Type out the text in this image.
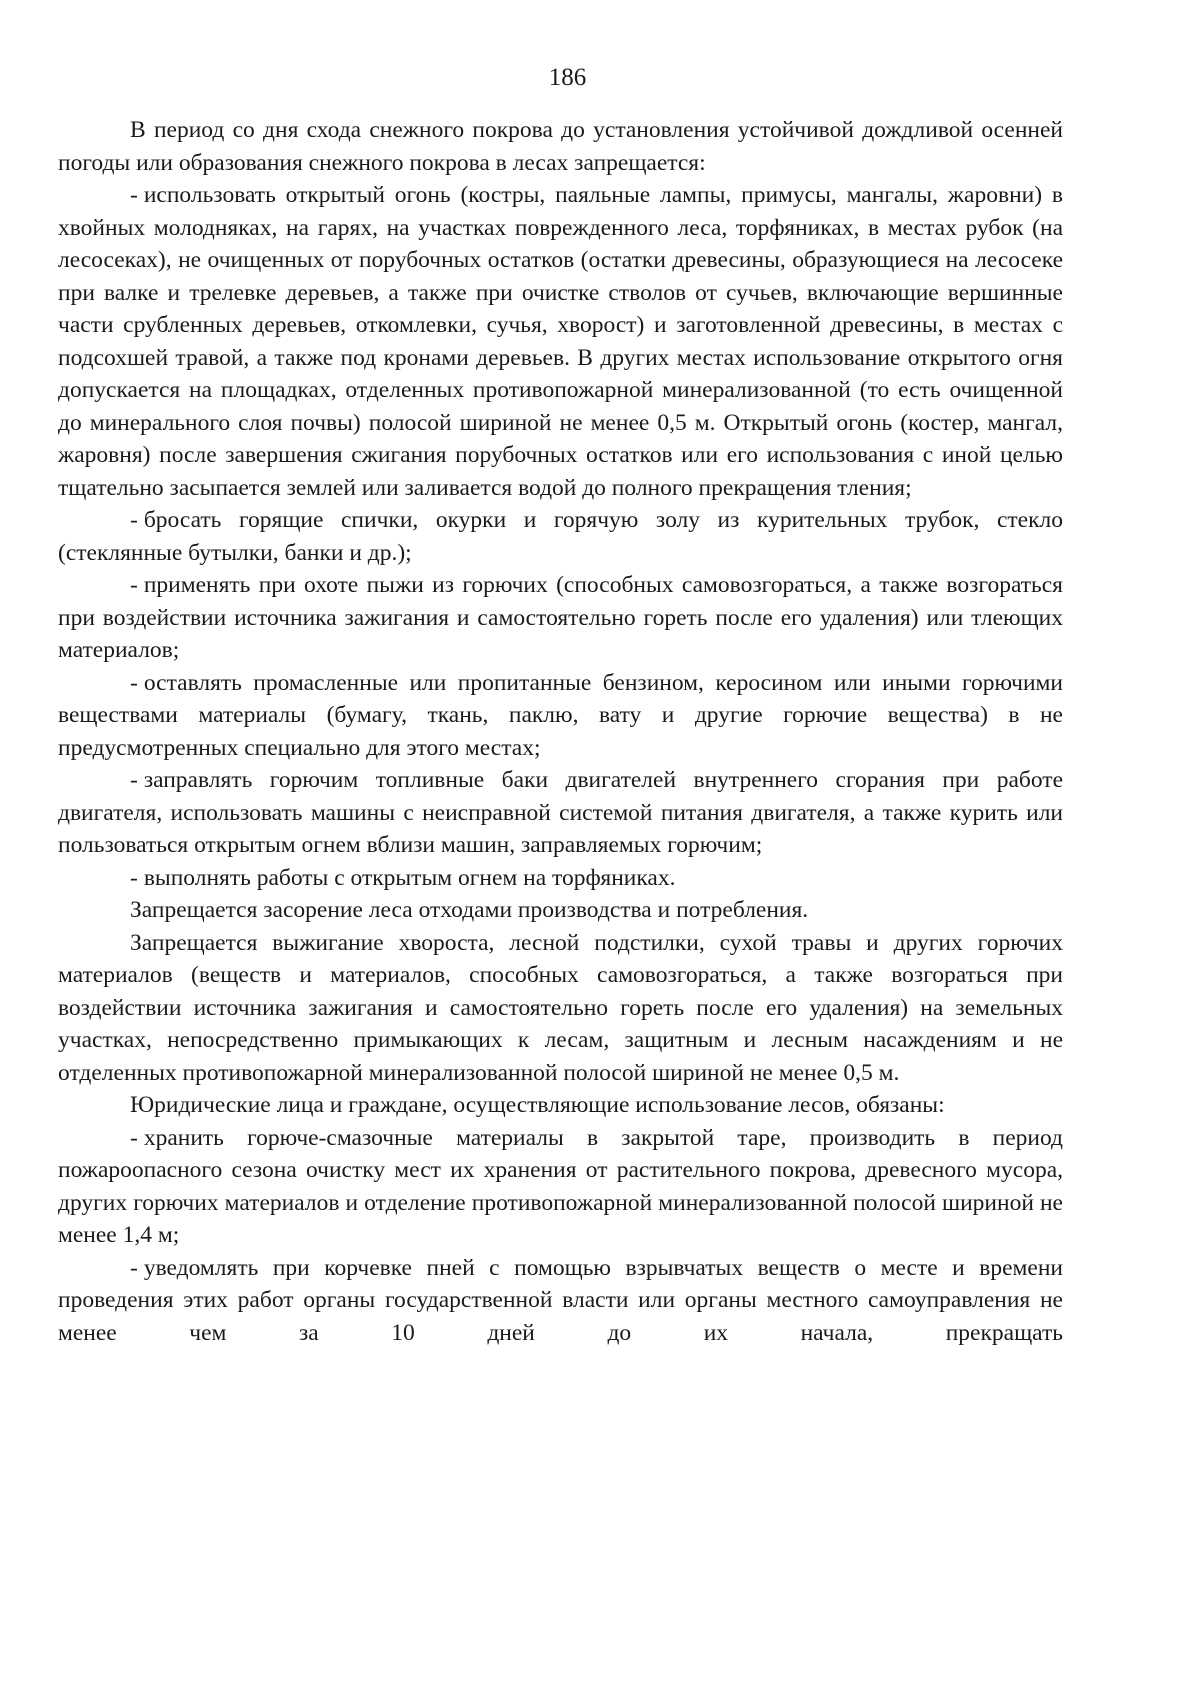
186

В период со дня схода снежного покрова до установления устойчивой дождливой осенней погоды или образования снежного покрова в лесах запрещается:

- использовать открытый огонь (костры, паяльные лампы, примусы, мангалы, жаровни) в хвойных молодняках, на гарях, на участках поврежденного леса, торфяниках, в местах рубок (на лесосеках), не очищенных от порубочных остатков (остатки древесины, образующиеся на лесосеке при валке и трелевке деревьев, а также при очистке стволов от сучьев, включающие вершинные части срубленных деревьев, откомлевки, сучья, хворост) и заготовленной древесины, в местах с подсохшей травой, а также под кронами деревьев. В других местах использование открытого огня допускается на площадках, отделенных противопожарной минерализованной (то есть очищенной до минерального слоя почвы) полосой шириной не менее 0,5 м. Открытый огонь (костер, мангал, жаровня) после завершения сжигания порубочных остатков или его использования с иной целью тщательно засыпается землей или заливается водой до полного прекращения тления;

- бросать горящие спички, окурки и горячую золу из курительных трубок, стекло (стеклянные бутылки, банки и др.);

- применять при охоте пыжи из горючих (способных самовозгораться, а также возгораться при воздействии источника зажигания и самостоятельно гореть после его удаления) или тлеющих материалов;

- оставлять промасленные или пропитанные бензином, керосином или иными горючими веществами материалы (бумагу, ткань, паклю, вату и другие горючие вещества) в не предусмотренных специально для этого местах;

- заправлять горючим топливные баки двигателей внутреннего сгорания при работе двигателя, использовать машины с неисправной системой питания двигателя, а также курить или пользоваться открытым огнем вблизи машин, заправляемых горючим;

- выполнять работы с открытым огнем на торфяниках.

Запрещается засорение леса отходами производства и потребления.

Запрещается выжигание хвороста, лесной подстилки, сухой травы и других горючих материалов (веществ и материалов, способных самовозгораться, а также возгораться при воздействии источника зажигания и самостоятельно гореть после его удаления) на земельных участках, непосредственно примыкающих к лесам, защитным и лесным насаждениям и не отделенных противопожарной минерализованной полосой шириной не менее 0,5 м.

Юридические лица и граждане, осуществляющие использование лесов, обязаны:

- хранить горюче-смазочные материалы в закрытой таре, производить в период пожароопасного сезона очистку мест их хранения от растительного покрова, древесного мусора, других горючих материалов и отделение противопожарной минерализованной полосой шириной не менее 1,4 м;

- уведомлять при корчевке пней с помощью взрывчатых веществ о месте и времени проведения этих работ органы государственной власти или органы местного самоуправления не менее чем за 10 дней до их начала, прекращать
